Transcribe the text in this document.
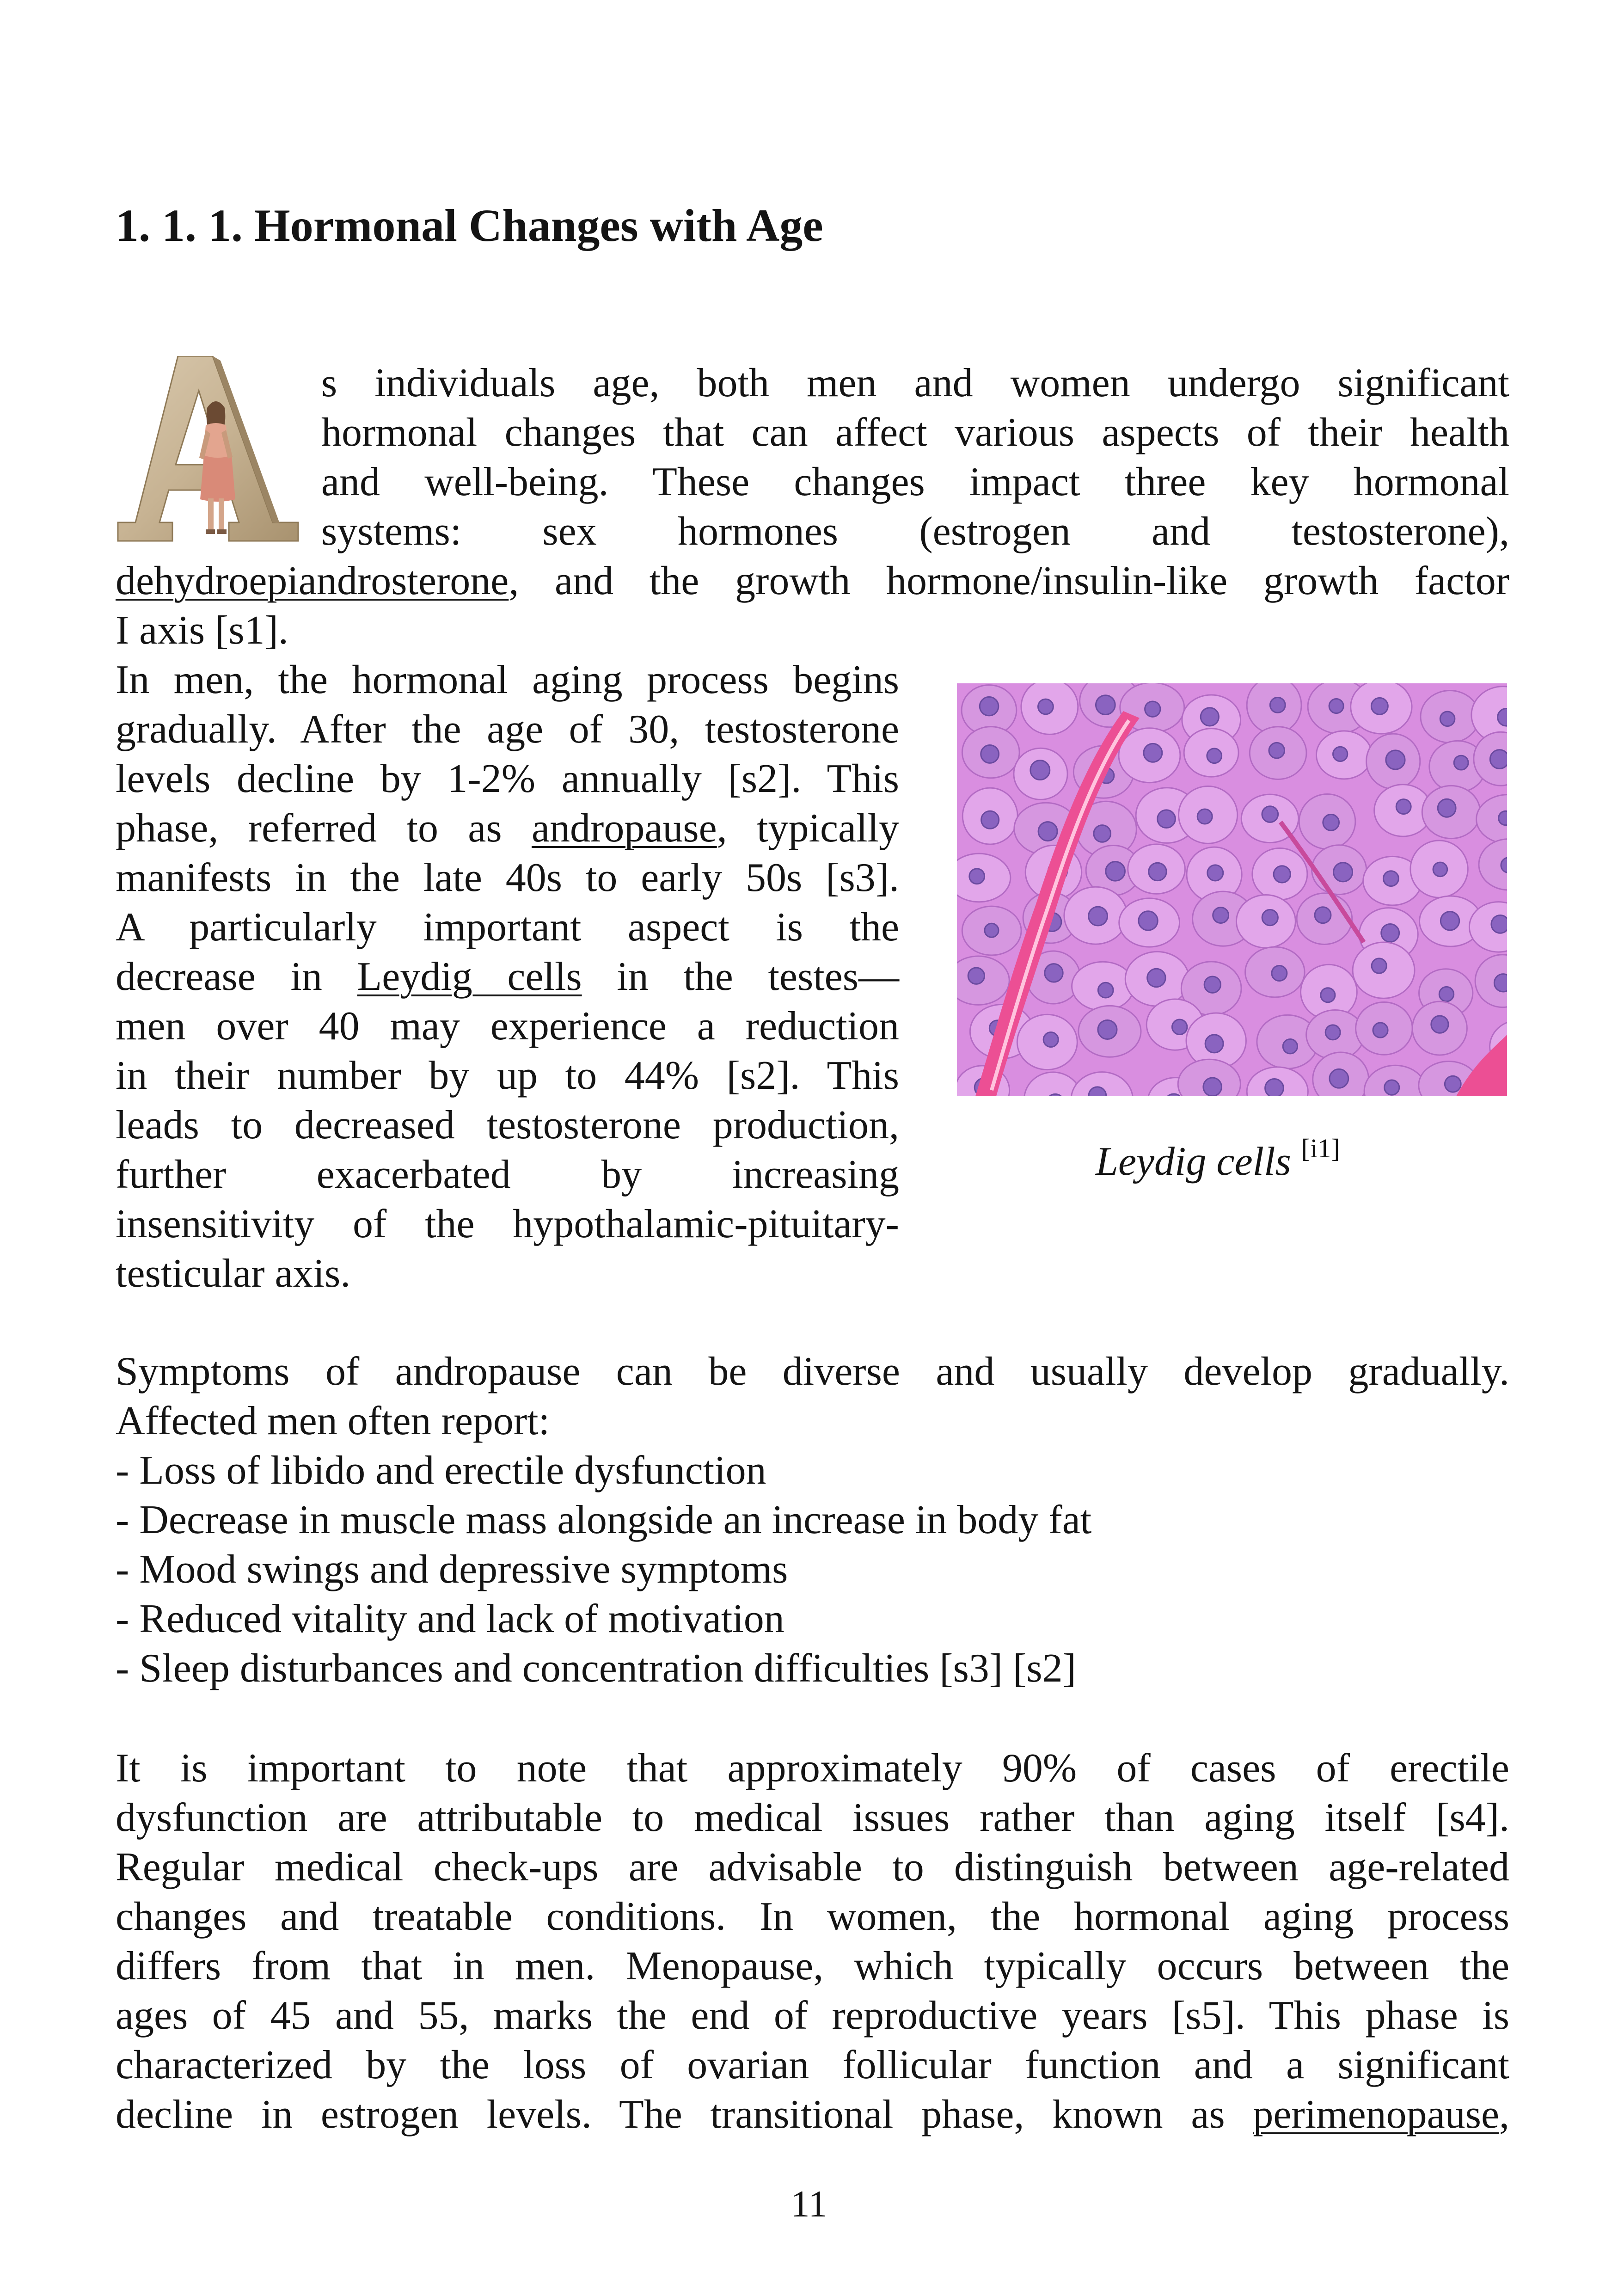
1. 1. 1. Hormonal Changes with Age
s individuals age, both men and women undergo significant
hormonal changes that can affect various aspects of their health
and well-being. These changes impact three key hormonal
systems: sex hormones (estrogen and testosterone),
dehydroepiandrosterone, and the growth hormone/insulin-like growth factor
I axis [s1].
In men, the hormonal aging process begins
gradually. After the age of 30, testosterone
levels decline by 1-2% annually [s2]. This
phase, referred to as andropause, typically
manifests in the late 40s to early 50s [s3].
A particularly important aspect is the
decrease in Leydig cells in the testes—
men over 40 may experience a reduction
in their number by up to 44% [s2]. This
leads to decreased testosterone production,
further exacerbated by increasing
insensitivity of the hypothalamic-pituitary-
testicular axis.
Leydig cells [i1]
Symptoms of andropause can be diverse and usually develop gradually.
Affected men often report:
- Loss of libido and erectile dysfunction
- Decrease in muscle mass alongside an increase in body fat
- Mood swings and depressive symptoms
- Reduced vitality and lack of motivation
- Sleep disturbances and concentration difficulties [s3] [s2]
It is important to note that approximately 90% of cases of erectile
dysfunction are attributable to medical issues rather than aging itself [s4].
Regular medical check-ups are advisable to distinguish between age-related
changes and treatable conditions. In women, the hormonal aging process
differs from that in men. Menopause, which typically occurs between the
ages of 45 and 55, marks the end of reproductive years [s5]. This phase is
characterized by the loss of ovarian follicular function and a significant
decline in estrogen levels. The transitional phase, known as perimenopause,
11
